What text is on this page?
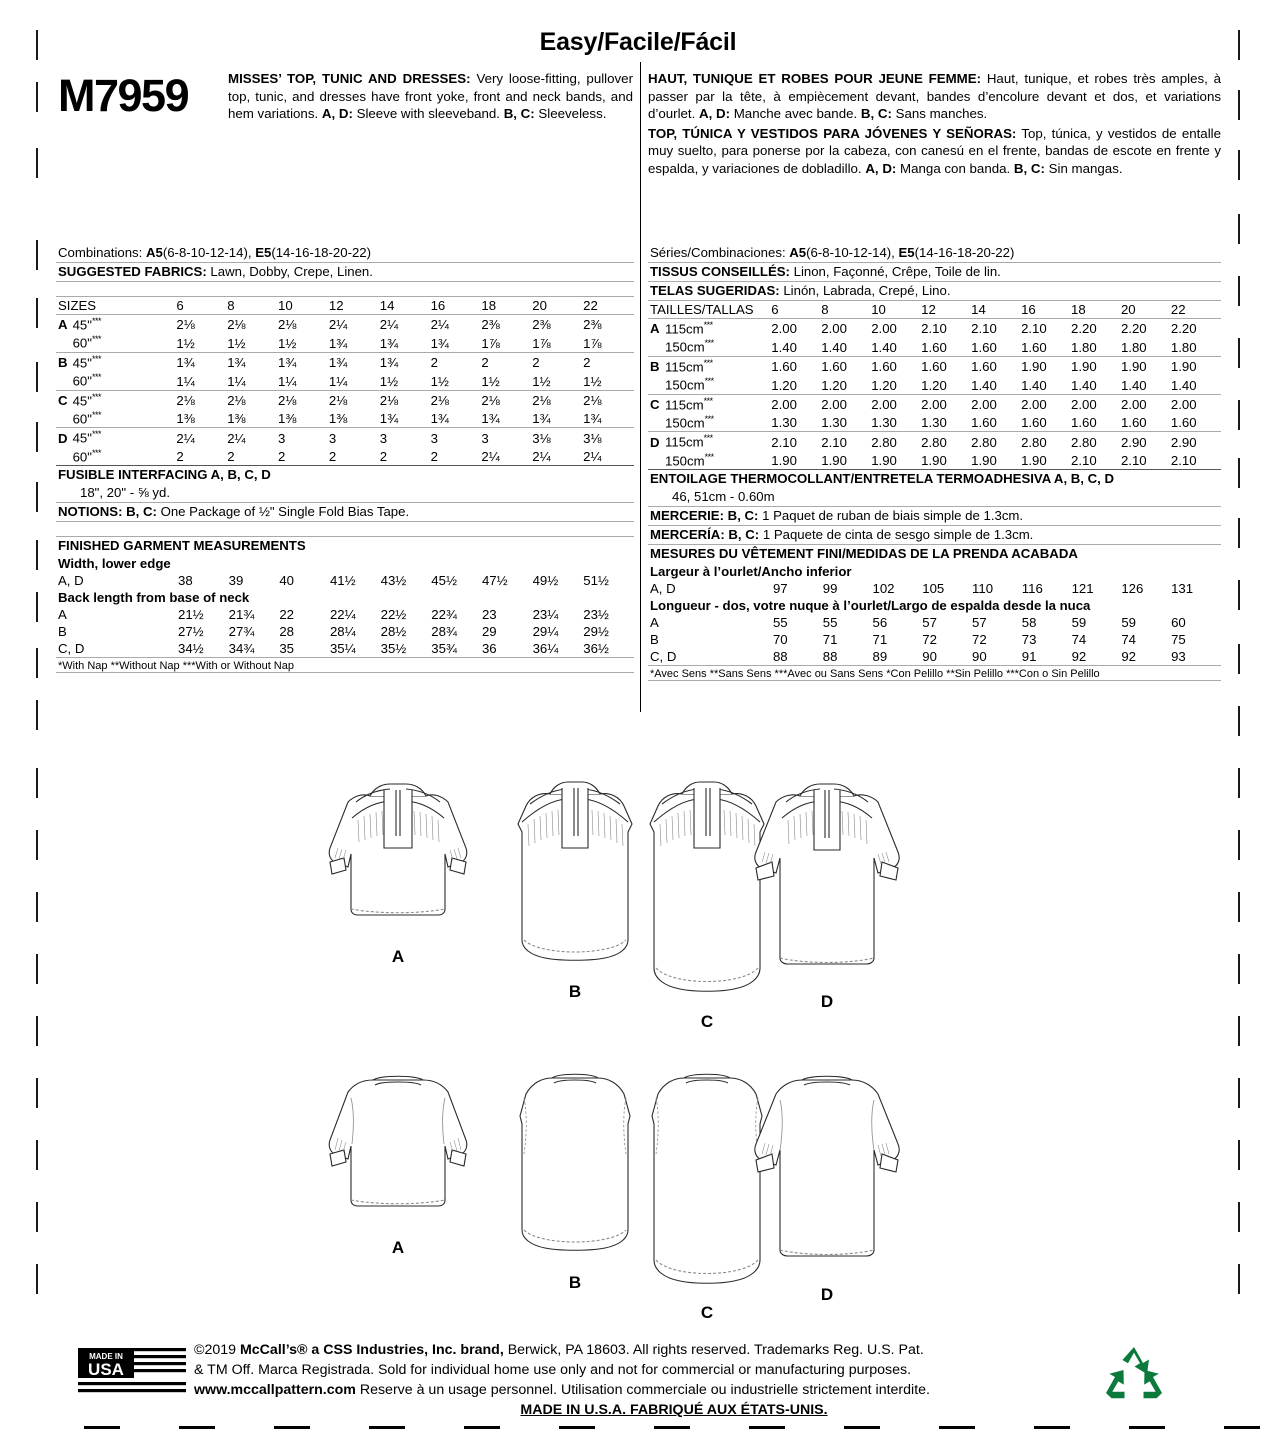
Easy/Facile/Fácil
M7959	MISSES’ TOP, TUNIC AND DRESSES: Very loose-fitting, pullover top, tunic, and dresses have front yoke, front and neck bands, and hem variations. A, D: Sleeve with sleeveband. B, C: Sleeveless.
HAUT, TUNIQUE ET ROBES POUR JEUNE FEMME: Haut, tunique, et robes très amples, à passer par la tête, à empiècement devant, bandes d’encolure devant et dos, et variations d’ourlet. A, D: Manche avec bande. B, C: Sans manches.
TOP, TÚNICA Y VESTIDOS PARA JÓVENES Y SEÑORAS: Top, túnica, y vestidos de entalle muy suelto, para ponerse por la cabeza, con canesú en el frente, bandas de escote en frente y espalda, y variaciones de dobladillo. A, D: Manga con banda. B, C: Sin mangas.
Combinations: A5(6-8-10-12-14), E5(14-16-18-20-22)
SUGGESTED FABRICS: Lawn, Dobby, Crepe, Linen.
SIZES		6	8	10	12	14	16	18	20	22
A	45"***	2⅛	2⅛	2⅛	2¼	2¼	2¼	2⅜	2⅜	2⅜
	60"***	1½	1½	1½	1¾	1¾	1¾	1⅞	1⅞	1⅞
B	45"***	1¾	1¾	1¾	1¾	1¾	2	2	2	2
	60"***	1¼	1¼	1¼	1¼	1½	1½	1½	1½	1½
C	45"***	2⅛	2⅛	2⅛	2⅛	2⅛	2⅛	2⅛	2⅛	2⅛
	60"***	1⅜	1⅜	1⅜	1⅜	1¾	1¾	1¾	1¾	1¾
D	45"***	2¼	2¼	3	3	3	3	3	3⅛	3⅛
	60"***	2	2	2	2	2	2	2¼	2¼	2¼
FUSIBLE INTERFACING A, B, C, D
18", 20" - ⅝ yd.
NOTIONS: B, C: One Package of ½" Single Fold Bias Tape.
FINISHED GARMENT MEASUREMENTS
Width, lower edge									
A, D	38	39	40	41½	43½	45½	47½	49½	51½
Back length from base of neck									
A	21½	21¾	22	22¼	22½	22¾	23	23¼	23½
B	27½	27¾	28	28¼	28½	28¾	29	29¼	29½
C, D	34½	34¾	35	35¼	35½	35¾	36	36¼	36½
*With Nap **Without Nap ***With or Without Nap
Séries/Combinaciones: A5(6-8-10-12-14), E5(14-16-18-20-22)
TISSUS CONSEILLÉS: Linon, Façonné, Crêpe, Toile de lin.
TELAS SUGERIDAS: Linón, Labrada, Crepé, Lino.
TAILLES/TALLAS		6	8	10	12	14	16	18	20	22
A	115cm***	2.00	2.00	2.00	2.10	2.10	2.10	2.20	2.20	2.20
	150cm***	1.40	1.40	1.40	1.60	1.60	1.60	1.80	1.80	1.80
B	115cm***	1.60	1.60	1.60	1.60	1.60	1.90	1.90	1.90	1.90
	150cm***	1.20	1.20	1.20	1.20	1.40	1.40	1.40	1.40	1.40
C	115cm***	2.00	2.00	2.00	2.00	2.00	2.00	2.00	2.00	2.00
	150cm***	1.30	1.30	1.30	1.30	1.60	1.60	1.60	1.60	1.60
D	115cm***	2.10	2.10	2.80	2.80	2.80	2.80	2.80	2.90	2.90
	150cm***	1.90	1.90	1.90	1.90	1.90	1.90	2.10	2.10	2.10
ENTOILAGE THERMOCOLLANT/ENTRETELA TERMOADHESIVA A, B, C, D
46, 51cm - 0.60m
MERCERIE: B, C: 1 Paquet de ruban de biais simple de 1.3cm.
MERCERÍA: B, C: 1 Paquete de cinta de sesgo simple de 1.3cm.
MESURES DU VÊTEMENT FINI/MEDIDAS DE LA PRENDA ACABADA
Largeur à l’ourlet/Ancho inferior									
A, D	97	99	102	105	110	116	121	126	131
Longueur - dos, votre nuque à l’ourlet/Largo de espalda desde la nuca									
A	55	55	56	57	57	58	59	59	60
B	70	71	71	72	72	73	74	74	75
C, D	88	88	89	90	90	91	92	92	93
*Avec Sens **Sans Sens ***Avec ou Sans Sens *Con Pelillo **Sin Pelillo ***Con o Sin Pelillo
A
B
C
D
A
B
C
D
MADE IN
USA
©2019 McCall’s® a CSS Industries, Inc. brand, Berwick, PA 18603. All rights reserved. Trademarks Reg. U.S. Pat.
& TM Off. Marca Registrada. Sold for individual home use only and not for commercial or manufacturing purposes.
www.mccallpattern.com Reserve à un usage personnel. Utilisation commerciale ou industrielle strictement interdite.
MADE IN U.S.A. FABRIQUÉ AUX ÉTATS-UNIS.
